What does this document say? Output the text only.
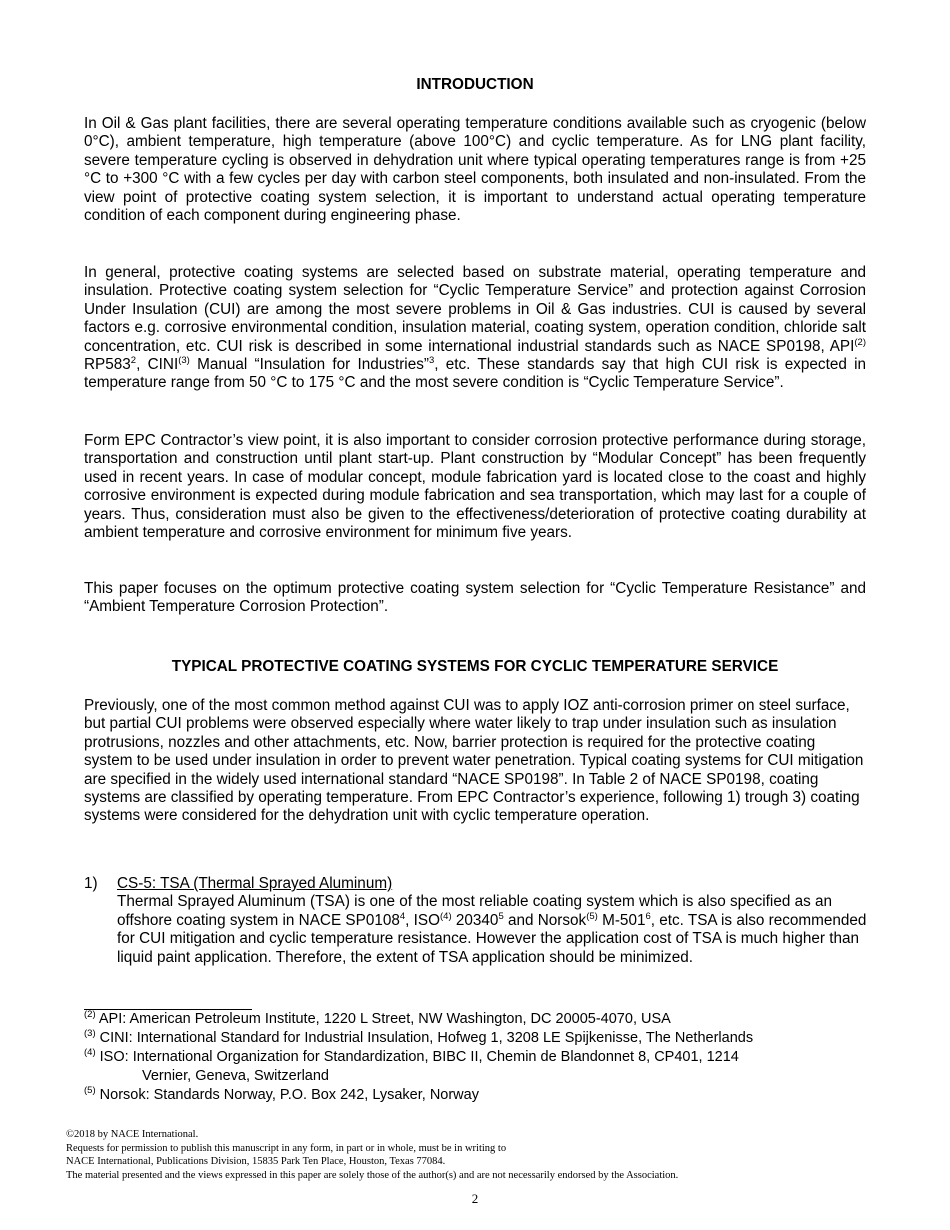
INTRODUCTION

In Oil & Gas plant facilities, there are several operating temperature conditions available such as cryogenic (below 0°C), ambient temperature, high temperature (above 100°C) and cyclic temperature. As for LNG plant facility, severe temperature cycling is observed in dehydration unit where typical operating temperatures range is from +25 °C to +300 °C with a few cycles per day with carbon steel components, both insulated and non-insulated. From the view point of protective coating system selection, it is important to understand actual operating temperature condition of each component during engineering phase.

In general, protective coating systems are selected based on substrate material, operating temperature and insulation. Protective coating system selection for “Cyclic Temperature Service” and protection against Corrosion Under Insulation (CUI) are among the most severe problems in Oil & Gas industries. CUI is caused by several factors e.g. corrosive environmental condition, insulation material, coating system, operation condition, chloride salt concentration, etc. CUI risk is described in some international industrial standards such as NACE SP0198, API$^{(2)}$ $RP583^2$, CINI$^{(3)}$ Manual “Insulation for Industries”$^3$, etc. These standards say that high CUI risk is expected in temperature range from 50 °C to 175 °C and the most severe condition is “Cyclic Temperature Service”.

Form EPC Contractor’s view point, it is also important to consider corrosion protective performance during storage, transportation and construction until plant start-up. Plant construction by “Modular Concept” has been frequently used in recent years. In case of modular concept, module fabrication yard is located close to the coast and highly corrosive environment is expected during module fabrication and sea transportation, which may last for a couple of years. Thus, consideration must also be given to the effectiveness/deterioration of protective coating durability at ambient temperature and corrosive environment for minimum five years.

This paper focuses on the optimum protective coating system selection for “Cyclic Temperature Resistance” and “Ambient Temperature Corrosion Protection”.

TYPICAL PROTECTIVE COATING SYSTEMS FOR CYCLIC TEMPERATURE SERVICE

Previously, one of the most common method against CUI was to apply IOZ anti-corrosion primer on steel surface, but partial CUI problems were observed especially where water likely to trap under insulation such as insulation protrusions, nozzles and other attachments, etc. Now, barrier protection is required for the protective coating system to be used under insulation in order to prevent water penetration. Typical coating systems for CUI mitigation are specified in the widely used international standard “NACE SP0198”. In Table 2 of NACE SP0198, coating systems are classified by operating temperature. From EPC Contractor’s experience, following 1) trough 3) coating systems were considered for the dehydration unit with cyclic temperature operation.

1) CS-5: TSA (Thermal Sprayed Aluminum)
Thermal Sprayed Aluminum (TSA) is one of the most reliable coating system which is also specified as an offshore coating system in NACE SP0108$^4$, ISO$^{(4)}$ 20340$^5$ and Norsok$^{(5)}$ $M-501^6$, etc. TSA is also recommended for CUI mitigation and cyclic temperature resistance. However the application cost of TSA is much higher than liquid paint application. Therefore, the extent of TSA application should be minimized.
$^{(2)}$ API: American Petroleum Institute, 1220 L Street, NW Washington, DC 20005-4070, USA
$^{(3)}$ CINI: International Standard for Industrial Insulation, Hofweg 1, 3208 LE Spijkenisse, The Netherlands
$^{(4)}$ ISO: International Organization for Standardization, BIBC II, Chemin de Blandonnet 8, CP401, 1214
Vernier, Geneva, Switzerland
$^{(5)}$ Norsok: Standards Norway, P.O. Box 242, Lysaker, Norway
©2018 by NACE International.
Requests for permission to publish this manuscript in any form, in part or in whole, must be in writing to
NACE International, Publications Division, 15835 Park Ten Place, Houston, Texas 77084.
The material presented and the views expressed in this paper are solely those of the author(s) and are not necessarily endorsed by the Association.
2
